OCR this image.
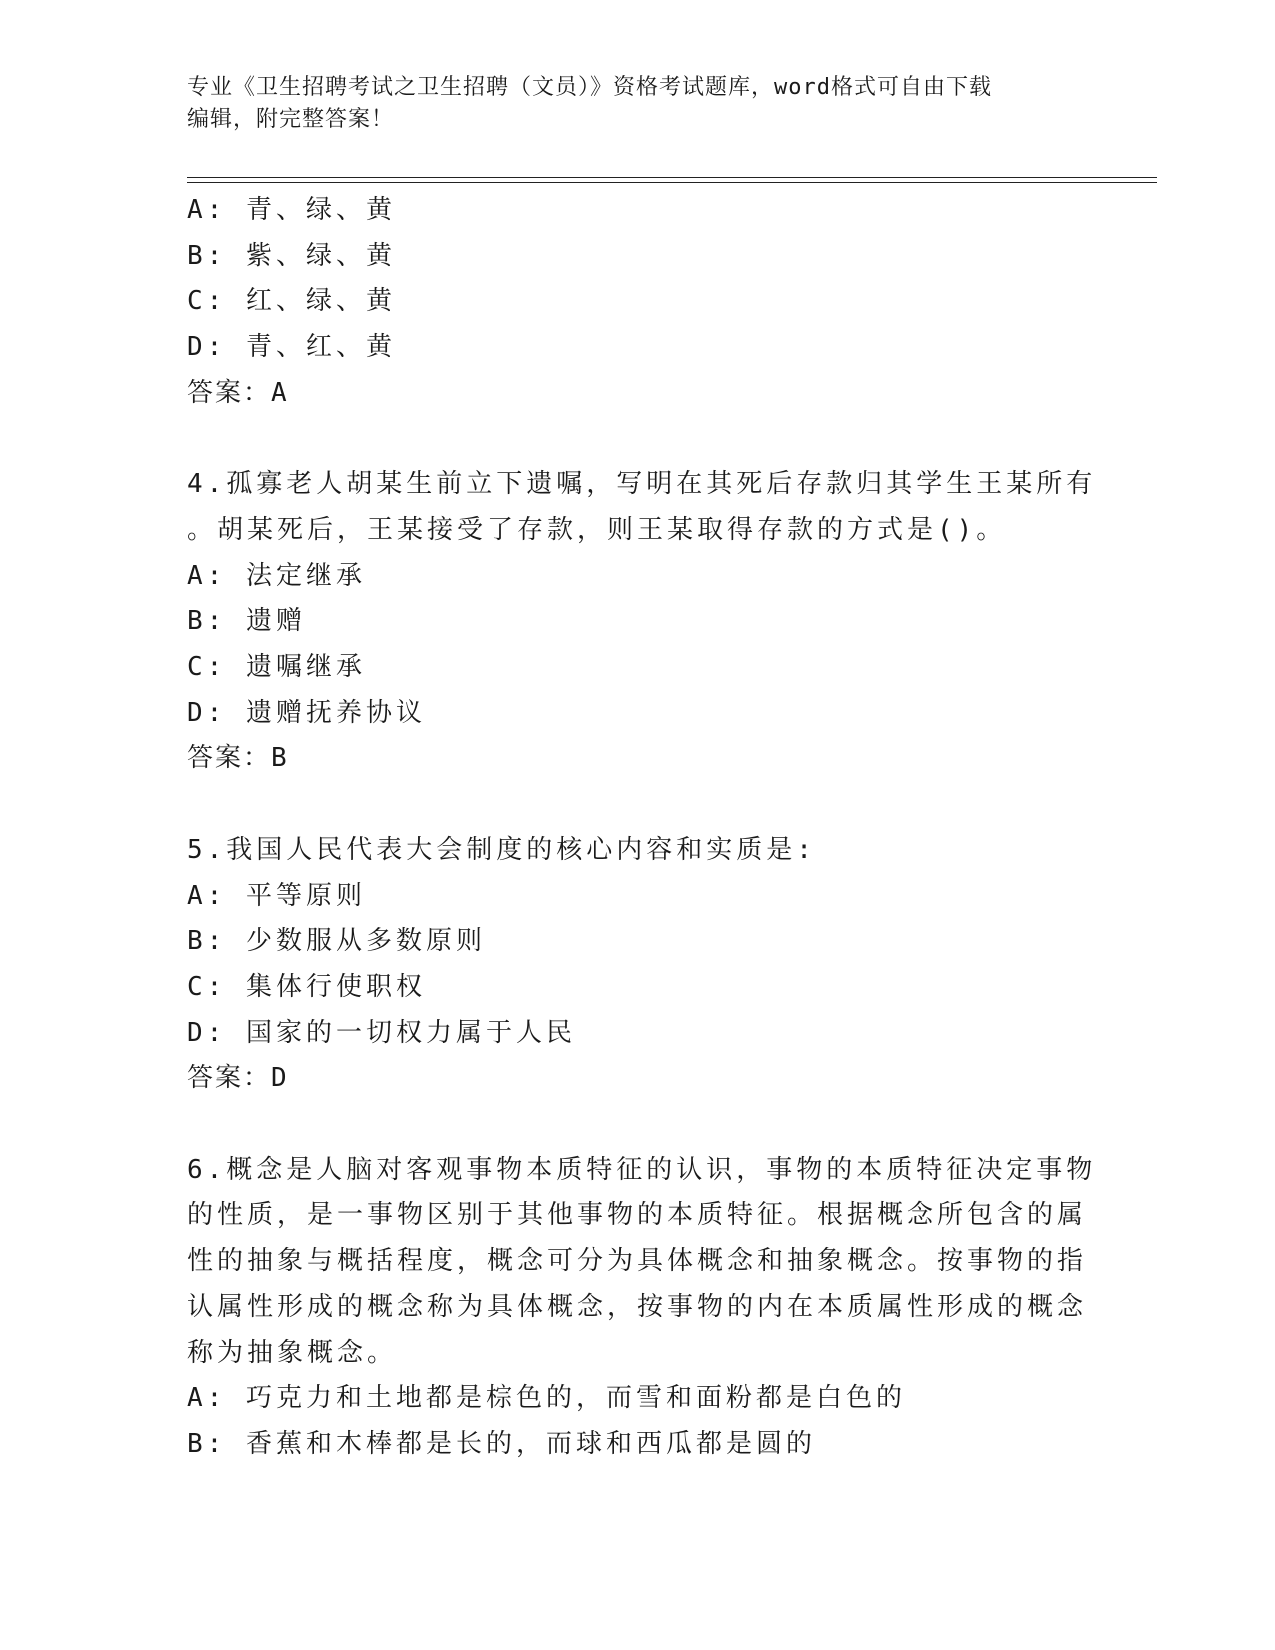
专业《卫生招聘考试之卫生招聘（文员）》资格考试题库，word格式可自由下载
编辑，附完整答案！
A: 青、绿、黄
B: 紫、绿、黄
C: 红、绿、黄
D: 青、红、黄
答案：A
4.孤寡老人胡某生前立下遗嘱，写明在其死后存款归其学生王某所有
。胡某死后，王某接受了存款，则王某取得存款的方式是()。
A: 法定继承
B: 遗赠
C: 遗嘱继承
D: 遗赠抚养协议
答案：B
5.我国人民代表大会制度的核心内容和实质是:
A: 平等原则
B: 少数服从多数原则
C: 集体行使职权
D: 国家的一切权力属于人民
答案：D
6.概念是人脑对客观事物本质特征的认识，事物的本质特征决定事物
的性质，是一事物区别于其他事物的本质特征。根据概念所包含的属
性的抽象与概括程度，概念可分为具体概念和抽象概念。按事物的指
认属性形成的概念称为具体概念，按事物的内在本质属性形成的概念
称为抽象概念。
A: 巧克力和土地都是棕色的，而雪和面粉都是白色的
B: 香蕉和木棒都是长的，而球和西瓜都是圆的
